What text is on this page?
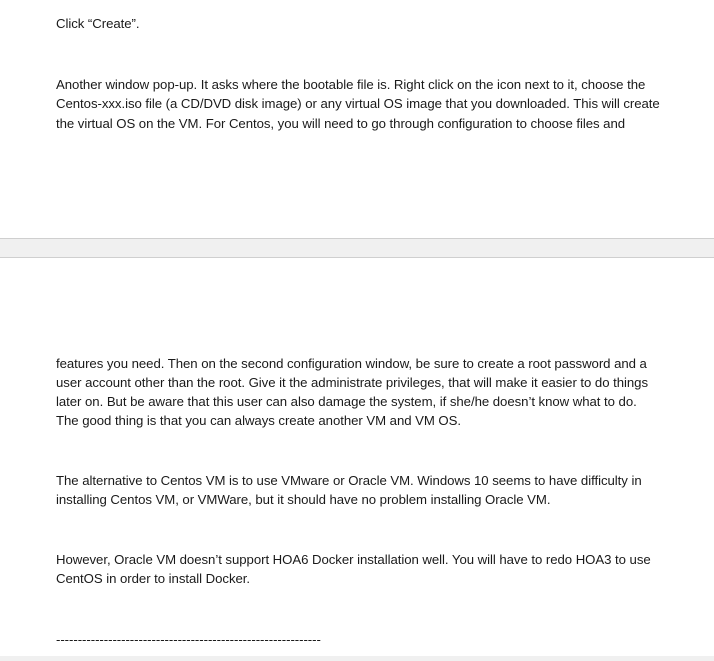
Click “Create”.
Another window pop-up. It asks where the bootable file is. Right click on the icon next to it, choose the
Centos-xxx.iso file (a CD/DVD disk image) or any virtual OS image that you downloaded. This will create
the virtual OS on the VM. For Centos, you will need to go through configuration to choose files and
features you need. Then on the second configuration window, be sure to create a root password and a
user account other than the root. Give it the administrate privileges, that will make it easier to do things
later on. But be aware that this user can also damage the system, if she/he doesn’t know what to do.
The good thing is that you can always create another VM and VM OS.
The alternative to Centos VM is to use VMware or Oracle VM. Windows 10 seems to have difficulty in
installing Centos VM, or VMWare, but it should have no problem installing Oracle VM.
However, Oracle VM doesn’t support HOA6 Docker installation well. You will have to redo HOA3 to use
CentOS in order to install Docker.
-------------------------------------------------------------
